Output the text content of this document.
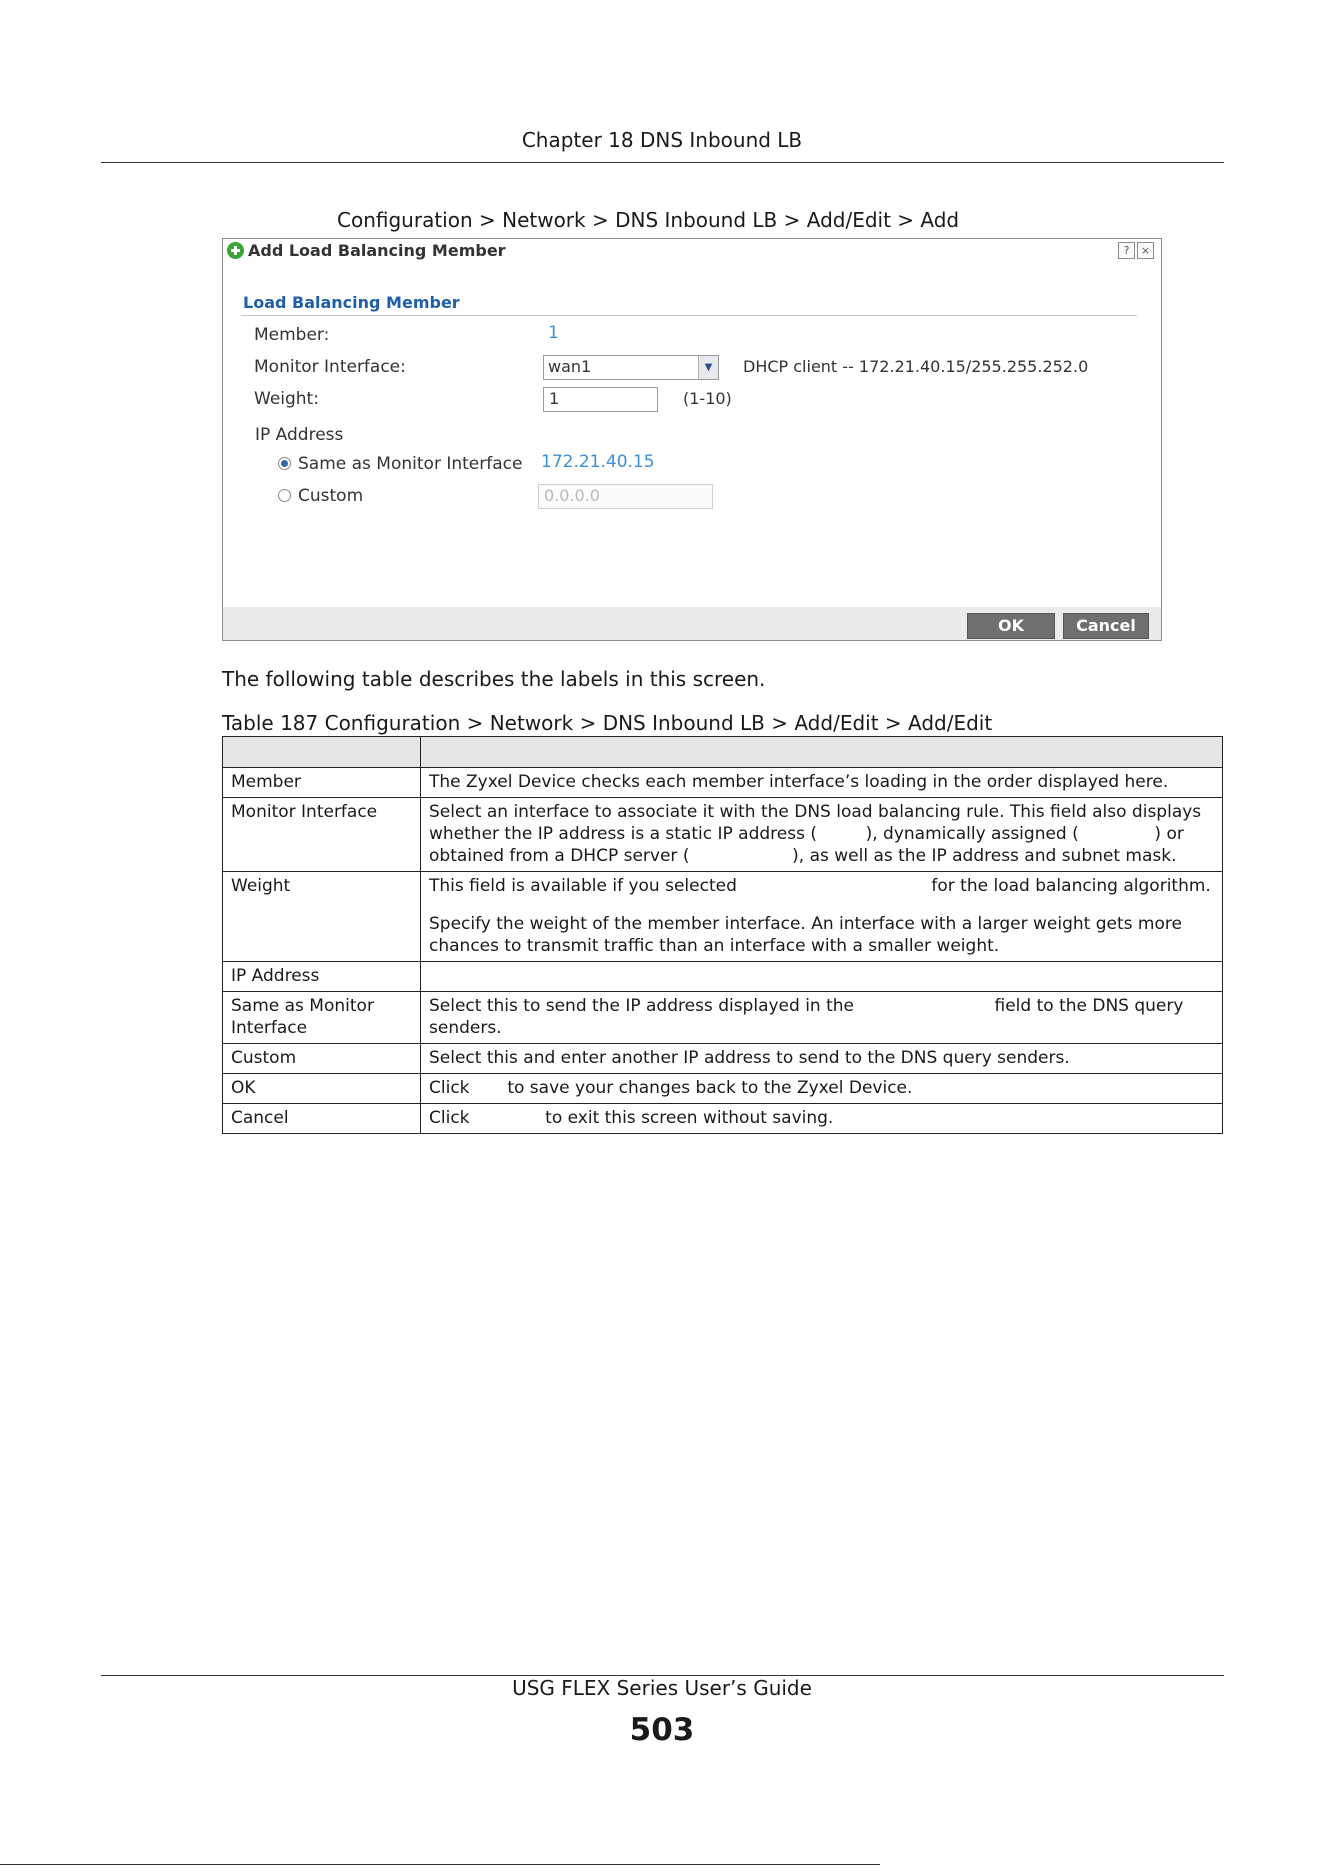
Chapter 18 DNS Inbound LB
Configuration > Network > DNS Inbound LB > Add/Edit > Add
Add Load Balancing Member	?	×
Load Balancing Member
Member:	1
Monitor Interface:	wan1	▼	DHCP client -- 172.21.40.15/255.255.252.0
Weight:	1	(1-10)
IP Address
Same as Monitor Interface 172.21.40.15
Custom	0.0.0.0
OK	Cancel
The following table describes the labels in this screen.
Table 187 Configuration > Network > DNS Inbound LB > Add/Edit > Add/Edit

Member	The Zyxel Device checks each member interface’s loading in the order displayed here.

Monitor Interface	Select an interface to associate it with the DNS load balancing rule. This field also displays whether the IP address is a static IP address (         ), dynamically assigned (              ) or obtained from a DHCP server (                   ), as well as the IP address and subnet mask.

Weight	This field is available if you selected                                    for the load balancing algorithm.

Specify the weight of the member interface. An interface with a larger weight gets more chances to transmit traffic than an interface with a smaller weight.

IP Address	

Same as Monitor Interface	Select this to send the IP address displayed in the                          field to the DNS query senders.

Custom	Select this and enter another IP address to send to the DNS query senders.

OK	Click       to save your changes back to the Zyxel Device.

Cancel	Click              to exit this screen without saving.

USG FLEX Series User’s Guide
503
